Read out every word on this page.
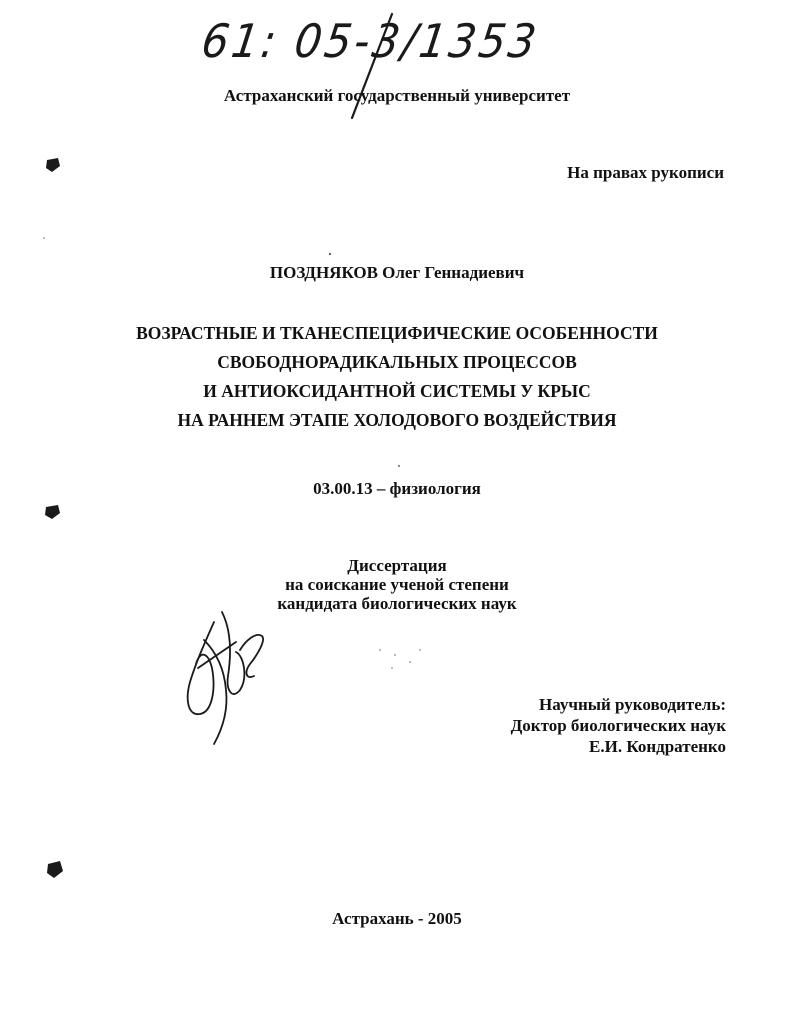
61: 05-3/1353
Астраханский государственный университет
На правах рукописи
ПОЗДНЯКОВ Олег Геннадиевич
ВОЗРАСТНЫЕ И ТКАНЕСПЕЦИФИЧЕСКИЕ ОСОБЕННОСТИ
СВОБОДНОРАДИКАЛЬНЫХ ПРОЦЕССОВ
И АНТИОКСИДАНТНОЙ СИСТЕМЫ У КРЫС
НА РАННЕМ ЭТАПЕ ХОЛОДОВОГО ВОЗДЕЙСТВИЯ
03.00.13 – физиология
Диссертация
на соискание ученой степени
кандидата биологических наук
Научный руководитель:
Доктор биологических наук
Е.И. Кондратенко
Астрахань - 2005
